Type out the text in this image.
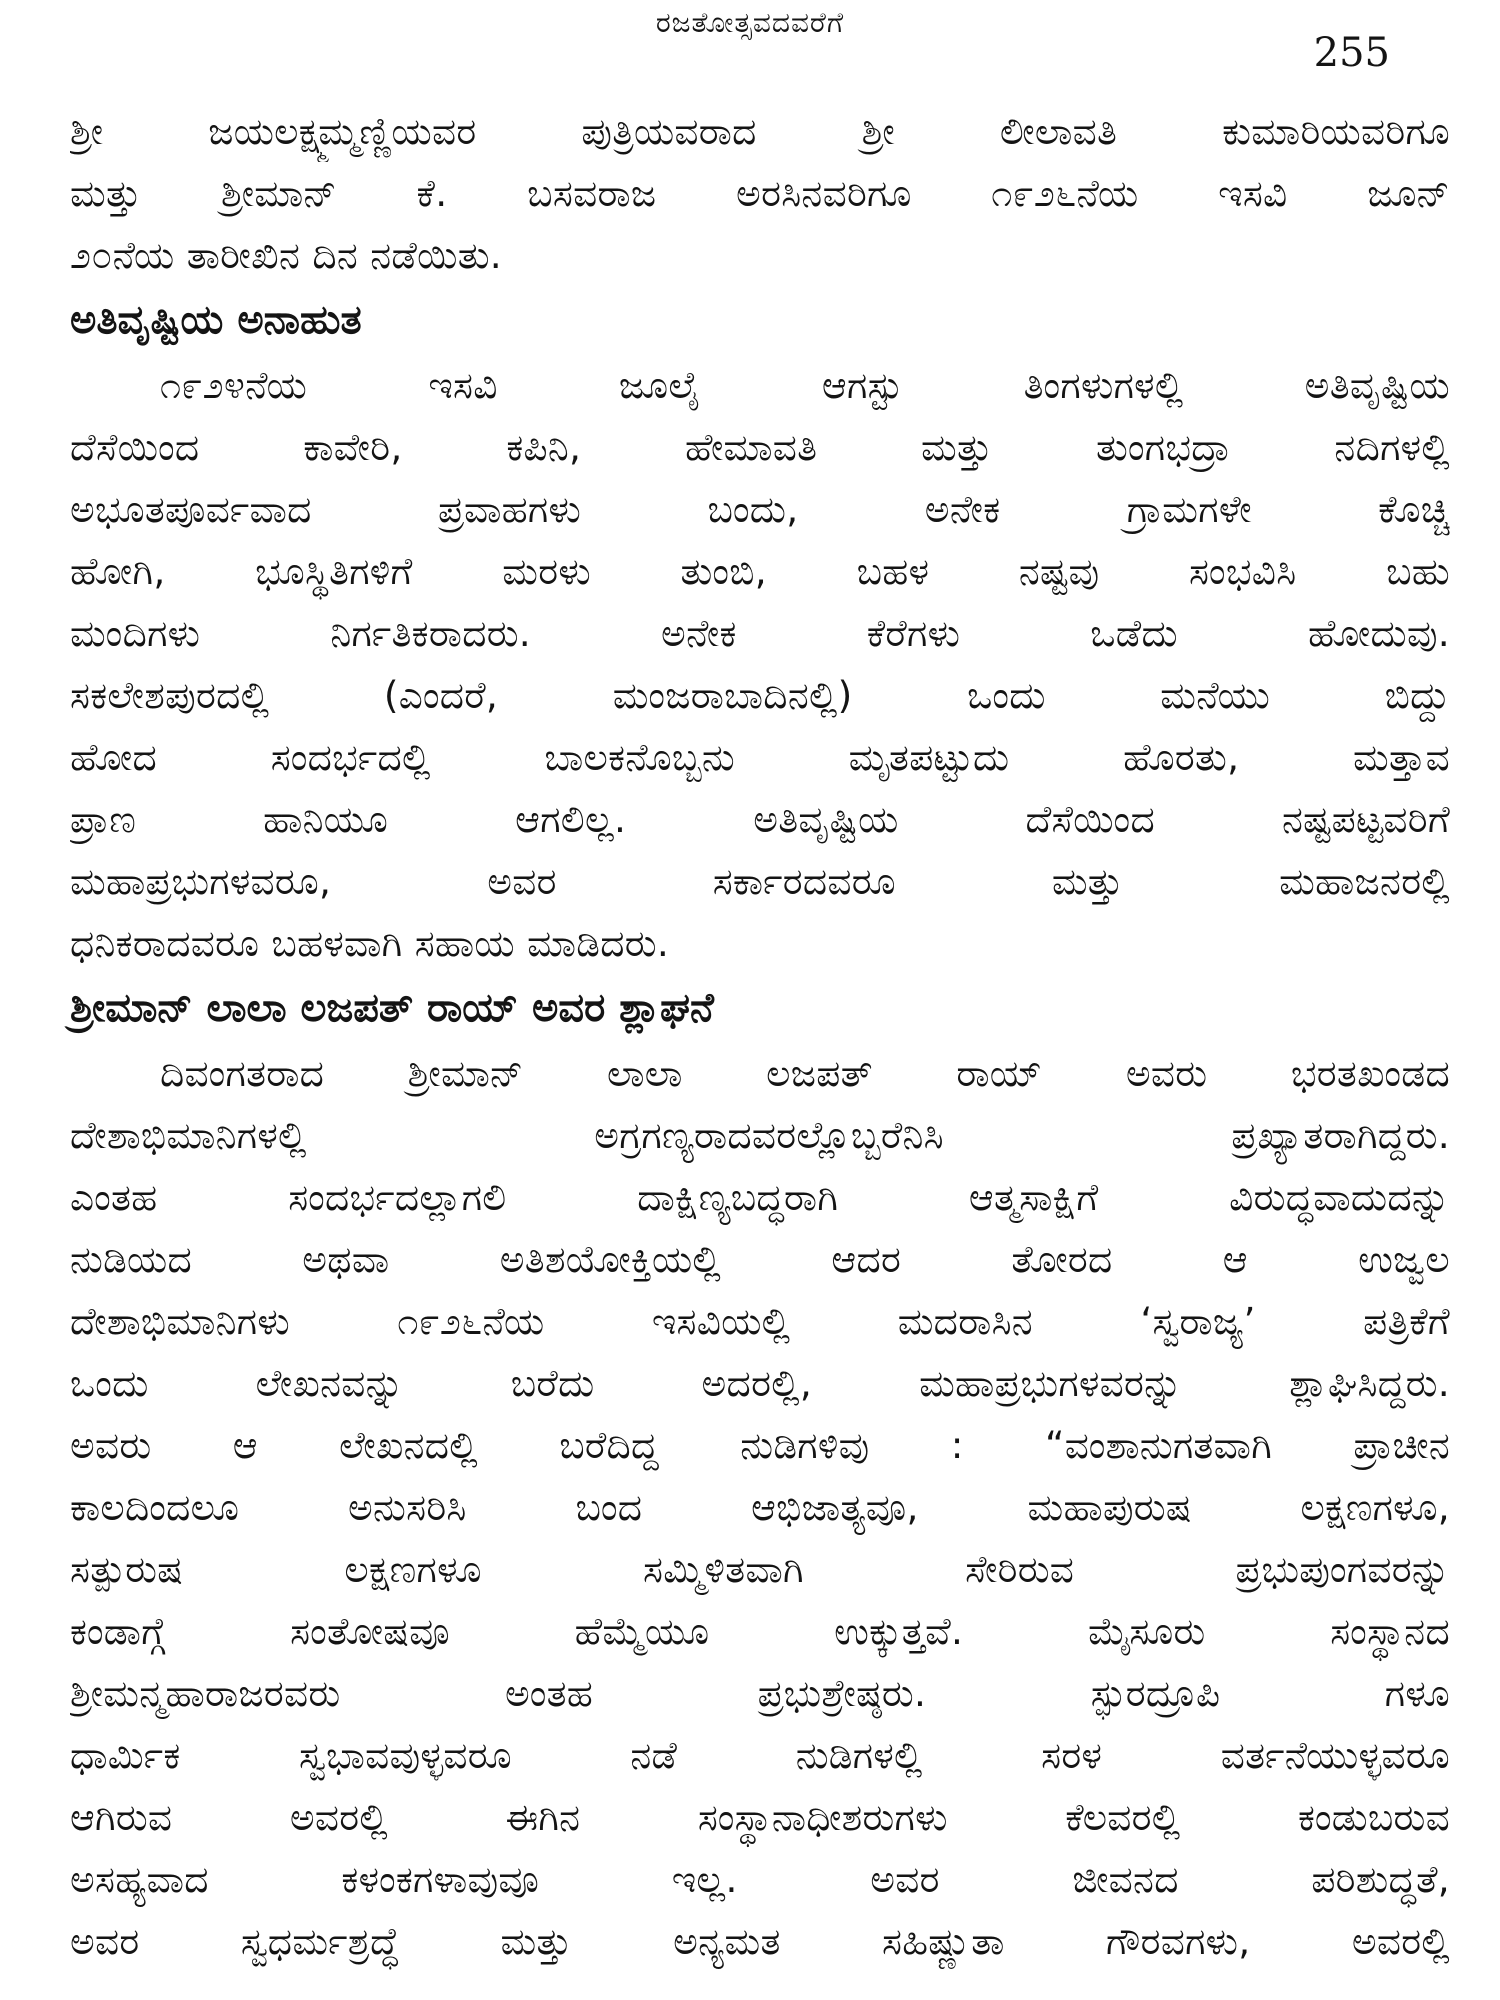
ರಜತೋತ್ಸವದವರೆಗೆ
255
ಶ್ರೀ ಜಯಲಕ್ಷ್ಮಮ್ಮಣ್ಣಿಯವರ ಪುತ್ರಿಯವರಾದ ಶ್ರೀ ಲೀಲಾವತಿ ಕುಮಾರಿಯವರಿಗೂ
ಮತ್ತು ಶ್ರೀಮಾನ್ ಕೆ. ಬಸವರಾಜ ಅರಸಿನವರಿಗೂ ೧೯೨೬ನೆಯ ಇಸವಿ ಜೂನ್
೨೦ನೆಯ ತಾರೀಖಿನ ದಿನ ನಡೆಯಿತು.
ಅತಿವೃಷ್ಟಿಯ ಅನಾಹುತ
೧೯೨೪ನೆಯ ಇಸವಿ ಜೂಲೈ ಆಗಸ್ಟು ತಿಂಗಳುಗಳಲ್ಲಿ ಅತಿವೃಷ್ಟಿಯ
ದೆಸೆಯಿಂದ ಕಾವೇರಿ, ಕಪಿನಿ, ಹೇಮಾವತಿ ಮತ್ತು ತುಂಗಭದ್ರಾ ನದಿಗಳಲ್ಲಿ
ಅಭೂತಪೂರ್ವವಾದ ಪ್ರವಾಹಗಳು ಬಂದು, ಅನೇಕ ಗ್ರಾಮಗಳೇ ಕೊಚ್ಚಿ
ಹೋಗಿ, ಭೂಸ್ಥಿತಿಗಳಿಗೆ ಮರಳು ತುಂಬಿ, ಬಹಳ ನಷ್ಟವು ಸಂಭವಿಸಿ ಬಹು
ಮಂದಿಗಳು ನಿರ್ಗತಿಕರಾದರು. ಅನೇಕ ಕೆರೆಗಳು ಒಡೆದು ಹೋದುವು.
ಸಕಲೇಶಪುರದಲ್ಲಿ (ಎಂದರೆ, ಮಂಜರಾಬಾದಿನಲ್ಲಿ) ಒಂದು ಮನೆಯು ಬಿದ್ದು
ಹೋದ ಸಂದರ್ಭದಲ್ಲಿ ಬಾಲಕನೊಬ್ಬನು ಮೃತಪಟ್ಟುದು ಹೊರತು, ಮತ್ತಾವ
ಪ್ರಾಣ ಹಾನಿಯೂ ಆಗಲಿಲ್ಲ. ಅತಿವೃಷ್ಟಿಯ ದೆಸೆಯಿಂದ ನಷ್ಟಪಟ್ಟವರಿಗೆ
ಮಹಾಪ್ರಭುಗಳವರೂ, ಅವರ ಸರ್ಕಾರದವರೂ ಮತ್ತು ಮಹಾಜನರಲ್ಲಿ
ಧನಿಕರಾದವರೂ ಬಹಳವಾಗಿ ಸಹಾಯ ಮಾಡಿದರು.
ಶ್ರೀಮಾನ್ ಲಾಲಾ ಲಜಪತ್ ರಾಯ್ ಅವರ ಶ್ಲಾಘನೆ
ದಿವಂಗತರಾದ ಶ್ರೀಮಾನ್ ಲಾಲಾ ಲಜಪತ್ ರಾಯ್ ಅವರು ಭರತಖಂಡದ
ದೇಶಾಭಿಮಾನಿಗಳಲ್ಲಿ ಅಗ್ರಗಣ್ಯರಾದವರಲ್ಲೊಬ್ಬರೆನಿಸಿ ಪ್ರಖ್ಯಾತರಾಗಿದ್ದರು.
ಎಂತಹ ಸಂದರ್ಭದಲ್ಲಾಗಲಿ ದಾಕ್ಷಿಣ್ಯಬದ್ಧರಾಗಿ ಆತ್ಮಸಾಕ್ಷಿಗೆ ವಿರುದ್ಧವಾದುದನ್ನು
ನುಡಿಯದ ಅಥವಾ ಅತಿಶಯೋಕ್ತಿಯಲ್ಲಿ ಆದರ ತೋರದ ಆ ಉಜ್ವಲ
ದೇಶಾಭಿಮಾನಿಗಳು ೧೯೨೬ನೆಯ ಇಸವಿಯಲ್ಲಿ ಮದರಾಸಿನ ‘ಸ್ವರಾಜ್ಯ’ ಪತ್ರಿಕೆಗೆ
ಒಂದು ಲೇಖನವನ್ನು ಬರೆದು ಅದರಲ್ಲಿ, ಮಹಾಪ್ರಭುಗಳವರನ್ನು ಶ್ಲಾಘಿಸಿದ್ದರು.
ಅವರು ಆ ಲೇಖನದಲ್ಲಿ ಬರೆದಿದ್ದ ನುಡಿಗಳಿವು : “ವಂಶಾನುಗತವಾಗಿ ಪ್ರಾಚೀನ
ಕಾಲದಿಂದಲೂ ಅನುಸರಿಸಿ ಬಂದ ಆಭಿಜಾತ್ಯವೂ, ಮಹಾಪುರುಷ ಲಕ್ಷಣಗಳೂ,
ಸತ್ಪುರುಷ ಲಕ್ಷಣಗಳೂ ಸಮ್ಮಿಳಿತವಾಗಿ ಸೇರಿರುವ ಪ್ರಭುಪುಂಗವರನ್ನು
ಕಂಡಾಗ್ಗೆ ಸಂತೋಷವೂ ಹೆಮ್ಮೆಯೂ ಉಕ್ಕುತ್ತವೆ. ಮೈಸೂರು ಸಂಸ್ಥಾನದ
ಶ್ರೀಮನ್ಮಹಾರಾಜರವರು ಅಂತಹ ಪ್ರಭುಶ್ರೇಷ್ಠರು. ಸ್ಫುರದ್ರೂಪಿ ಗಳೂ
ಧಾರ್ಮಿಕ ಸ್ವಭಾವವುಳ್ಳವರೂ ನಡೆ ನುಡಿಗಳಲ್ಲಿ ಸರಳ ವರ್ತನೆಯುಳ್ಳವರೂ
ಆಗಿರುವ ಅವರಲ್ಲಿ ಈಗಿನ ಸಂಸ್ಥಾನಾಧೀಶರುಗಳು ಕೆಲವರಲ್ಲಿ ಕಂಡುಬರುವ
ಅಸಹ್ಯವಾದ ಕಳಂಕಗಳಾವುವೂ ಇಲ್ಲ. ಅವರ ಜೀವನದ ಪರಿಶುದ್ಧತೆ,
ಅವರ ಸ್ವಧರ್ಮಶ್ರದ್ಧೆ ಮತ್ತು ಅನ್ಯಮತ ಸಹಿಷ್ಣುತಾ ಗೌರವಗಳು, ಅವರಲ್ಲಿ
